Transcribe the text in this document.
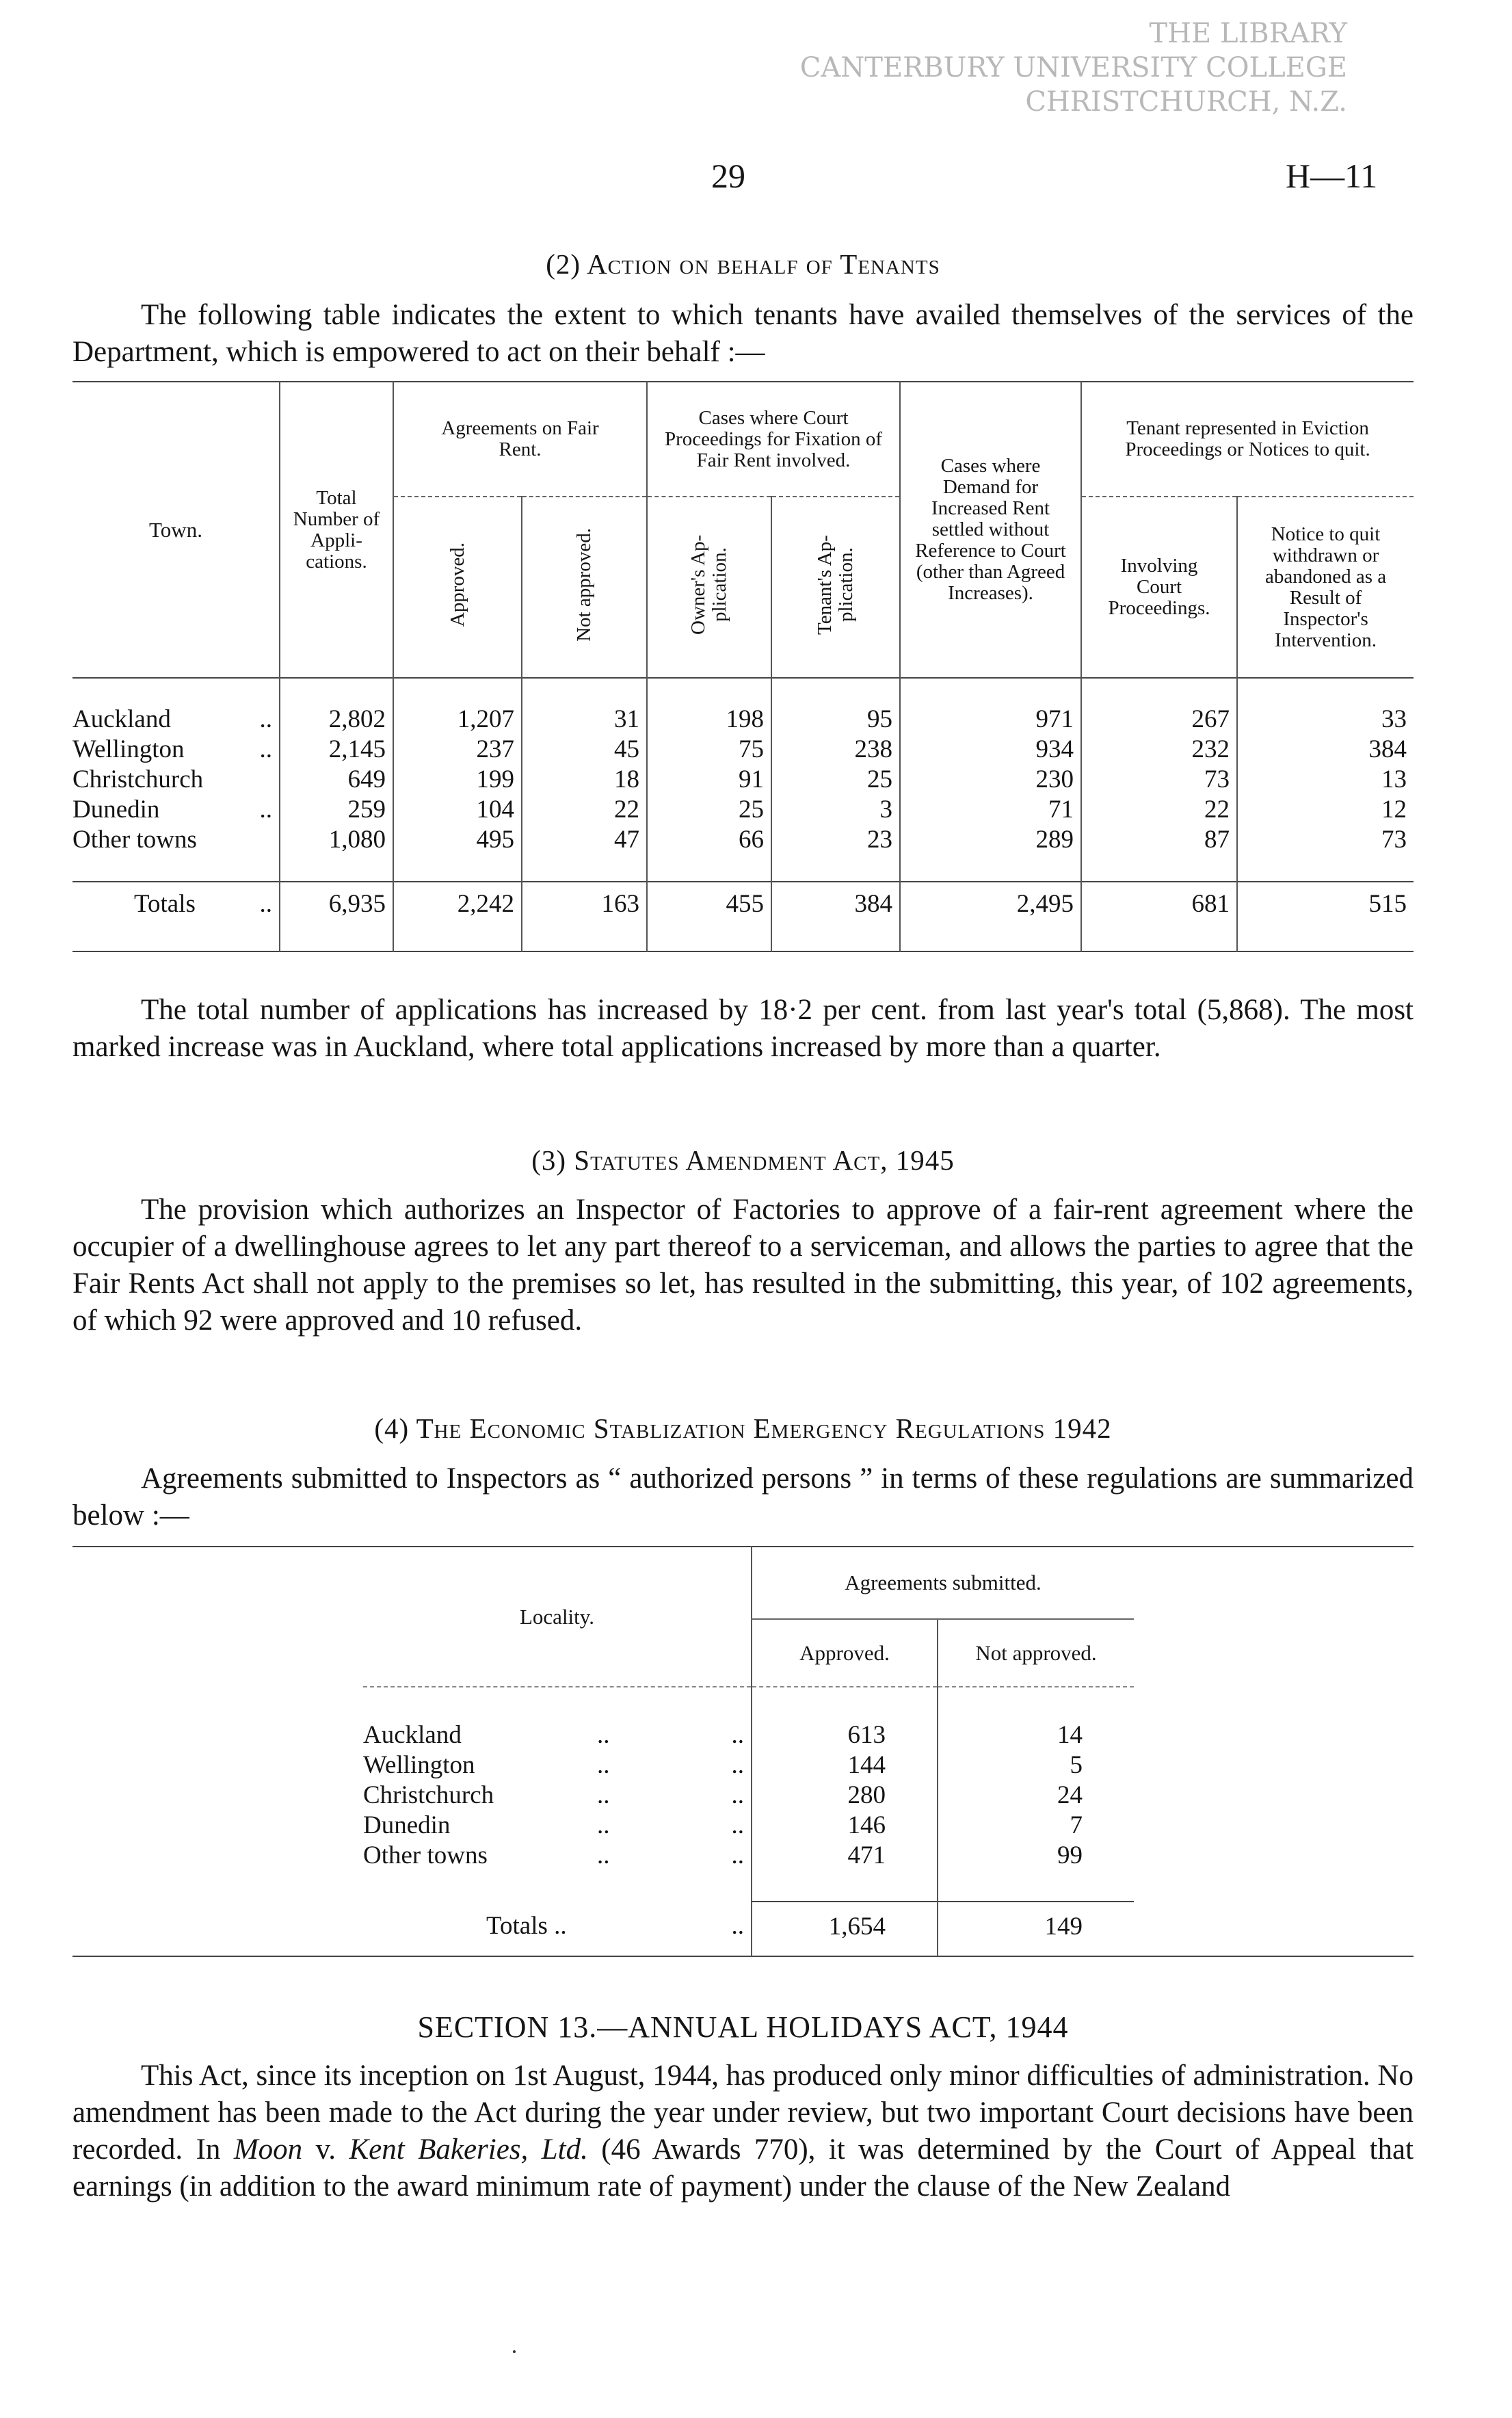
THE LIBRARY
CANTERBURY UNIVERSITY COLLEGE
CHRISTCHURCH, N.Z.
29	H—11
(2) Action on behalf of Tenants

The following table indicates the extent to which tenants have availed themselves of the services of the Department, which is empowered to act on their behalf :—

Town.	Total Number of Appli-cations.	Agreements on Fair Rent.		Cases where Court Proceedings for Fixation of Fair Rent involved.		Cases where Demand for Increased Rent settled without Reference to Court (other than Agreed Increases).	Tenant represented in Eviction Proceedings or Notices to quit.	
		Approved.	Not approved.	Owner's Ap-plication.	Tenant's Ap-plication.		Involving Court Proceedings.	Notice to quit withdrawn or abandoned as a Result of Inspector's Intervention.

Auckland ..	2,802	1,207	31	198	95	971	267	33
Wellington ..	2,145	237	45	75	238	934	232	384
Christchurch	649	199	18	91	25	230	73	13
Dunedin ..	259	104	22	25	3	71	22	12
Other towns	1,080	495	47	66	23	289	87	73

Totals ..	6,935	2,242	163	455	384	2,495	681	515

The total number of applications has increased by 18·2 per cent. from last year's total (5,868). The most marked increase was in Auckland, where total applications increased by more than a quarter.

(3) Statutes Amendment Act, 1945

The provision which authorizes an Inspector of Factories to approve of a fair-rent agreement where the occupier of a dwellinghouse agrees to let any part thereof to a serviceman, and allows the parties to agree that the Fair Rents Act shall not apply to the premises so let, has resulted in the submitting, this year, of 102 agreements, of which 92 were approved and 10 refused.

(4) The Economic Stablization Emergency Regulations 1942

Agreements submitted to Inspectors as “ authorized persons ” in terms of these regulations are summarized below :—

	Locality.	Agreements submitted.		
		Approved.	Not approved.	

	Auckland .. ..	613	14	
	Wellington .. ..	144	5	
	Christchurch .. ..	280	24	
	Dunedin .. ..	146	7	
	Other towns .. ..	471	99	

	Totals .. ..	1,654	149	
SECTION 13.—ANNUAL HOLIDAYS ACT, 1944

This Act, since its inception on 1st August, 1944, has produced only minor difficulties of administration. No amendment has been made to the Act during the year under review, but two important Court decisions have been recorded. In Moon v. Kent Bakeries, Ltd. (46 Awards 770), it was determined by the Court of Appeal that earnings (in addition to the award minimum rate of payment) under the clause of the New Zealand
